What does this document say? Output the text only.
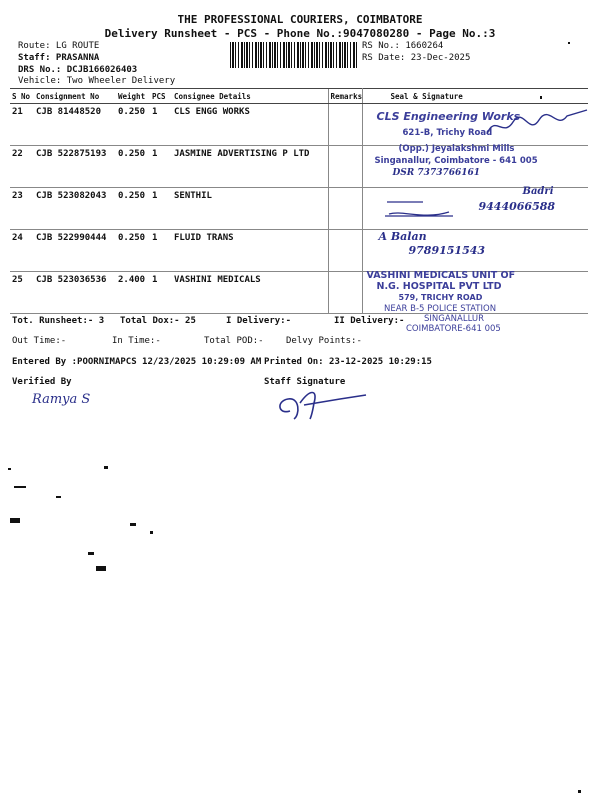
THE PROFESSIONAL COURIERS, COIMBATORE
Delivery Runsheet - PCS - Phone No.:9047080280 - Page No.:3
Route: LG ROUTE
Staff: PRASANNA
DRS No.: DCJB166026403
Vehicle: Two Wheeler Delivery
RS No.: 1660264
RS Date: 23-Dec-2025
S No	Consignment No	Weight	PCS	Consignee Details	Remarks	Seal & Signature
21	CJB 81448520	0.250	1	CLS ENGG WORKS		CLS Engineering Works
621-B, Trichy Road

22	CJB 522875193	0.250	1	JASMINE ADVERTISING P LTD		(Opp.) Jeyalakshmi Mills
Singanallur, Coimbatore - 641 005
DSR 7373766161

23	CJB 523082043	0.250	1	SENTHIL		Badri
9444066588

24	CJB 522990444	0.250	1	FLUID TRANS		A Balan
9789151543

25	CJB 523036536	2.400	1	VASHINI MEDICALS		VASHINI MEDICALS UNIT OF
N.G. HOSPITAL PVT LTD
579, TRICHY ROAD
NEAR B-5 POLICE STATION
SINGANALLUR
COIMBATORE-641 005
Tot. Runsheet:- 3 Total Dox:- 25	I Delivery:-	II Delivery:-
Out Time:-	In Time:-	Total POD:- Delvy Points:-
Entered By :POORNIMAPCS 12/23/2025 10:29:09 AM Printed On: 23-12-2025 10:29:15
Verified By	Staff Signature
Ramya S	Sf
